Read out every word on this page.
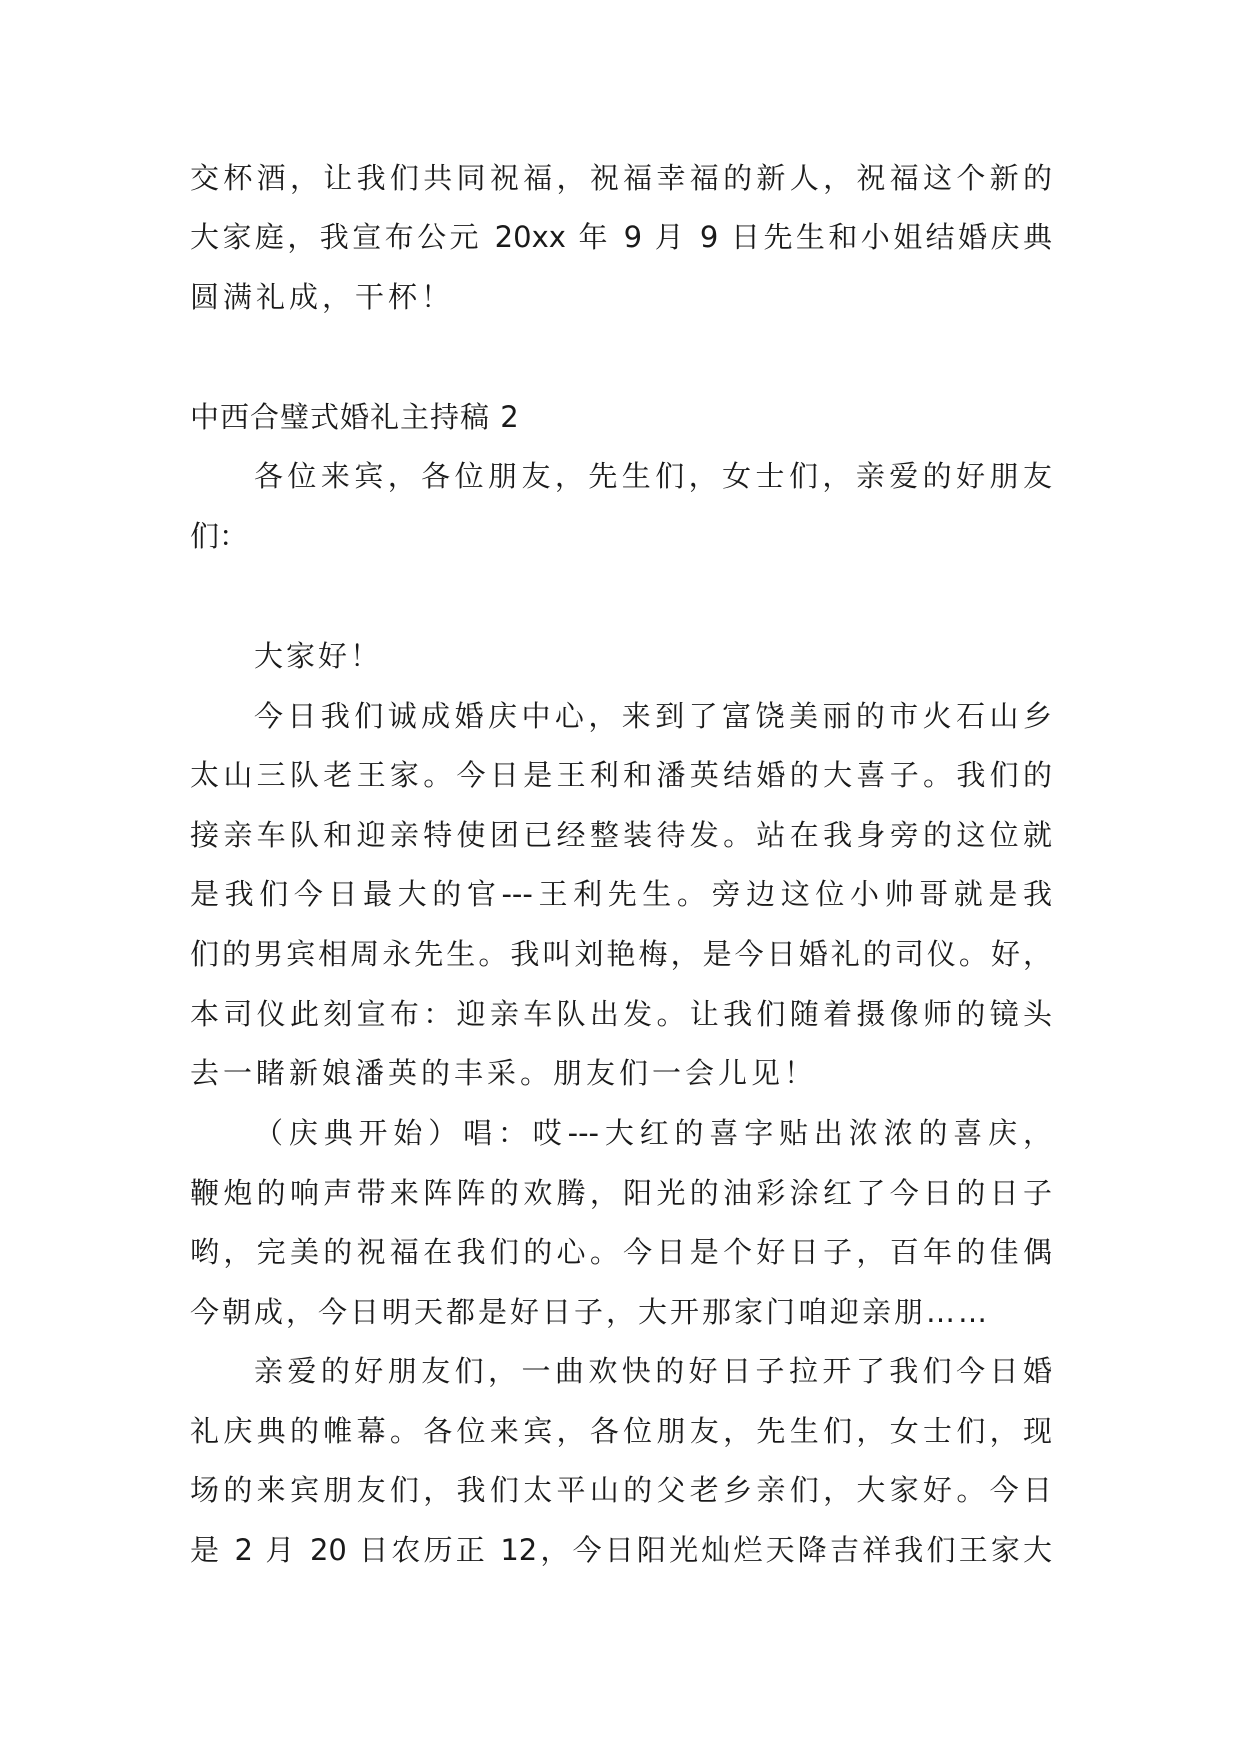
交杯酒，让我们共同祝福，祝福幸福的新人，祝福这个新的

大家庭，我宣布公元 20xx 年 9 月 9 日先生和小姐结婚庆典

圆满礼成，干杯！

中西合璧式婚礼主持稿 2

各位来宾，各位朋友，先生们，女士们，亲爱的好朋友

们：

大家好！

今日我们诚成婚庆中心，来到了富饶美丽的市火石山乡

太山三队老王家。今日是王利和潘英结婚的大喜子。我们的

接亲车队和迎亲特使团已经整装待发。站在我身旁的这位就

是我们今日最大的官---王利先生。旁边这位小帅哥就是我

们的男宾相周永先生。我叫刘艳梅，是今日婚礼的司仪。好，

本司仪此刻宣布：迎亲车队出发。让我们随着摄像师的镜头

去一睹新娘潘英的丰采。朋友们一会儿见！

（庆典开始）唱：哎---大红的喜字贴出浓浓的喜庆，

鞭炮的响声带来阵阵的欢腾，阳光的油彩涂红了今日的日子

哟，完美的祝福在我们的心。今日是个好日子，百年的佳偶

今朝成，今日明天都是好日子，大开那家门咱迎亲朋……

亲爱的好朋友们，一曲欢快的好日子拉开了我们今日婚

礼庆典的帷幕。各位来宾，各位朋友，先生们，女士们，现

场的来宾朋友们，我们太平山的父老乡亲们，大家好。今日

是 2 月 20 日农历正 12，今日阳光灿烂天降吉祥我们王家大
